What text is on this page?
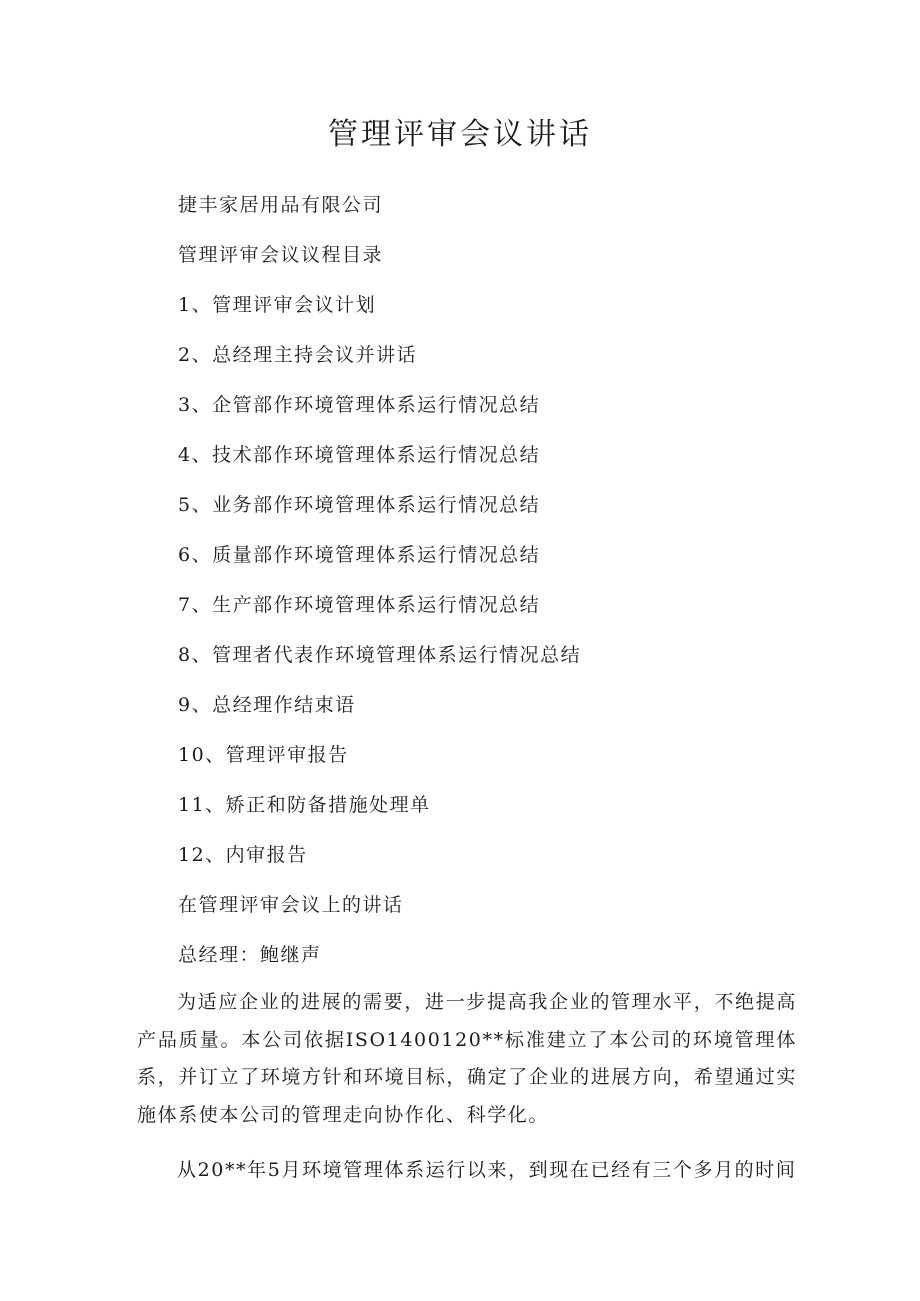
管理评审会议讲话
捷丰家居用品有限公司
管理评审会议议程目录
1、管理评审会议计划
2、总经理主持会议并讲话
3、企管部作环境管理体系运行情况总结
4、技术部作环境管理体系运行情况总结
5、业务部作环境管理体系运行情况总结
6、质量部作环境管理体系运行情况总结
7、生产部作环境管理体系运行情况总结
8、管理者代表作环境管理体系运行情况总结
9、总经理作结束语
10、管理评审报告
11、矫正和防备措施处理单
12、内审报告
在管理评审会议上的讲话
总经理：鲍继声

为适应企业的进展的需要，进一步提高我企业的管理水平，不绝提高产品质量。本公司依据ISO1400120**标准建立了本公司的环境管理体系，并订立了环境方针和环境目标，确定了企业的进展方向，希望通过实施体系使本公司的管理走向协作化、科学化。

从20**年5月环境管理体系运行以来，到现在已经有三个多月的时间
